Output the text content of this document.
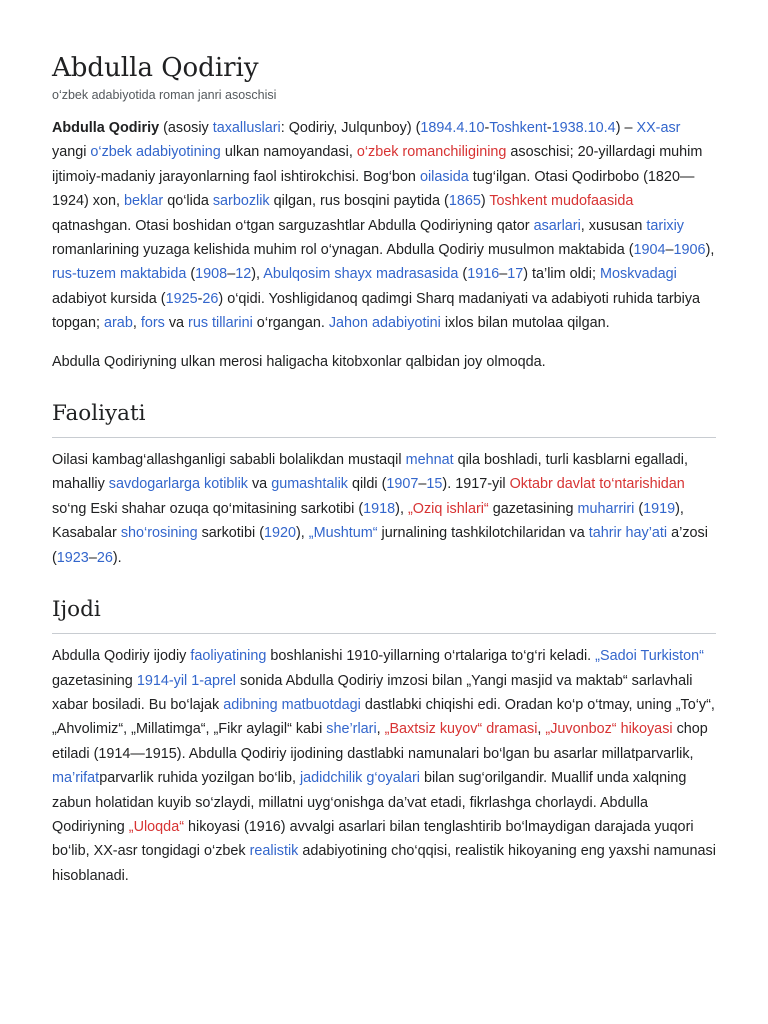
Abdulla Qodiriy
o‘zbek adabiyotida roman janri asoschisi

Abdulla Qodiriy (asosiy taxalluslari: Qodiriy, Julqunboy) (1894.4.10-Toshkent-1938.10.4) – XX-asr yangi o‘zbek adabiyotining ulkan namoyandasi, o‘zbek romanchiligining asoschisi; 20-yillardagi muhim ijtimoiy-madaniy jarayonlarning faol ishtirokchisi. Bog‘bon oilasida tug‘ilgan. Otasi Qodirbobo (1820—1924) xon, beklar qo‘lida sarbozlik qilgan, rus bosqini paytida (1865) Toshkent mudofaasida qatnashgan. Otasi boshidan o‘tgan sarguzashtlar Abdulla Qodiriyning qator asarlari, xususan tarixiy romanlarining yuzaga kelishida muhim rol o‘ynagan. Abdulla Qodiriy musulmon maktabida (1904–1906), rus-tuzem maktabida (1908–12), Abulqosim shayx madrasasida (1916–17) ta’lim oldi; Moskvadagi adabiyot kursida (1925-26) o‘qidi. Yoshligidanoq qadimgi Sharq madaniyati va adabiyoti ruhida tarbiya topgan; arab, fors va rus tillarini o‘rgangan. Jahon adabiyotini ixlos bilan mutolaa qilgan.

Abdulla Qodiriyning ulkan merosi haligacha kitobxonlar qalbidan joy olmoqda.

Faoliyati

Oilasi kambag‘allashganligi sababli bolalikdan mustaqil mehnat qila boshladi, turli kasblarni egalladi, mahalliy savdogarlarga kotiblik va gumashtalik qildi (1907–15). 1917-yil Oktabr davlat to‘ntarishidan so‘ng Eski shahar ozuqa qo‘mitasining sarkotibi (1918), „Oziq ishlari“ gazetasining muharriri (1919), Kasabalar sho‘rosining sarkotibi (1920), „Mushtum“ jurnalining tashkilotchilaridan va tahrir hay’ati a’zosi (1923–26).

Ijodi

Abdulla Qodiriy ijodiy faoliyatining boshlanishi 1910-yillarning o‘rtalariga to‘g‘ri keladi. „Sadoi Turkiston“ gazetasining 1914-yil 1-aprel sonida Abdulla Qodiriy imzosi bilan „Yangi masjid va maktab“ sarlavhali xabar bosiladi. Bu bo‘lajak adibning matbuotdagi dastlabki chiqishi edi. Oradan ko‘p o‘tmay, uning „To‘y“, „Ahvolimiz“, „Millatimga“, „Fikr aylagil“ kabi she’rlari, „Baxtsiz kuyov“ dramasi, „Juvonboz“ hikoyasi chop etiladi (1914—1915). Abdulla Qodiriy ijodining dastlabki namunalari bo‘lgan bu asarlar millatparvarlik, ma’rifatparvarlik ruhida yozilgan bo‘lib, jadidchilik g‘oyalari bilan sug‘orilgandir. Muallif unda xalqning zabun holatidan kuyib so‘zlaydi, millatni uyg‘onishga da’vat etadi, fikrlashga chorlaydi. Abdulla Qodiriyning „Uloqda“ hikoyasi (1916) avvalgi asarlari bilan tenglashtirib bo‘lmaydigan darajada yuqori bo‘lib, XX-asr tongidagi o‘zbek realistik adabiyotining cho‘qqisi, realistik hikoyaning eng yaxshi namunasi hisoblanadi.
